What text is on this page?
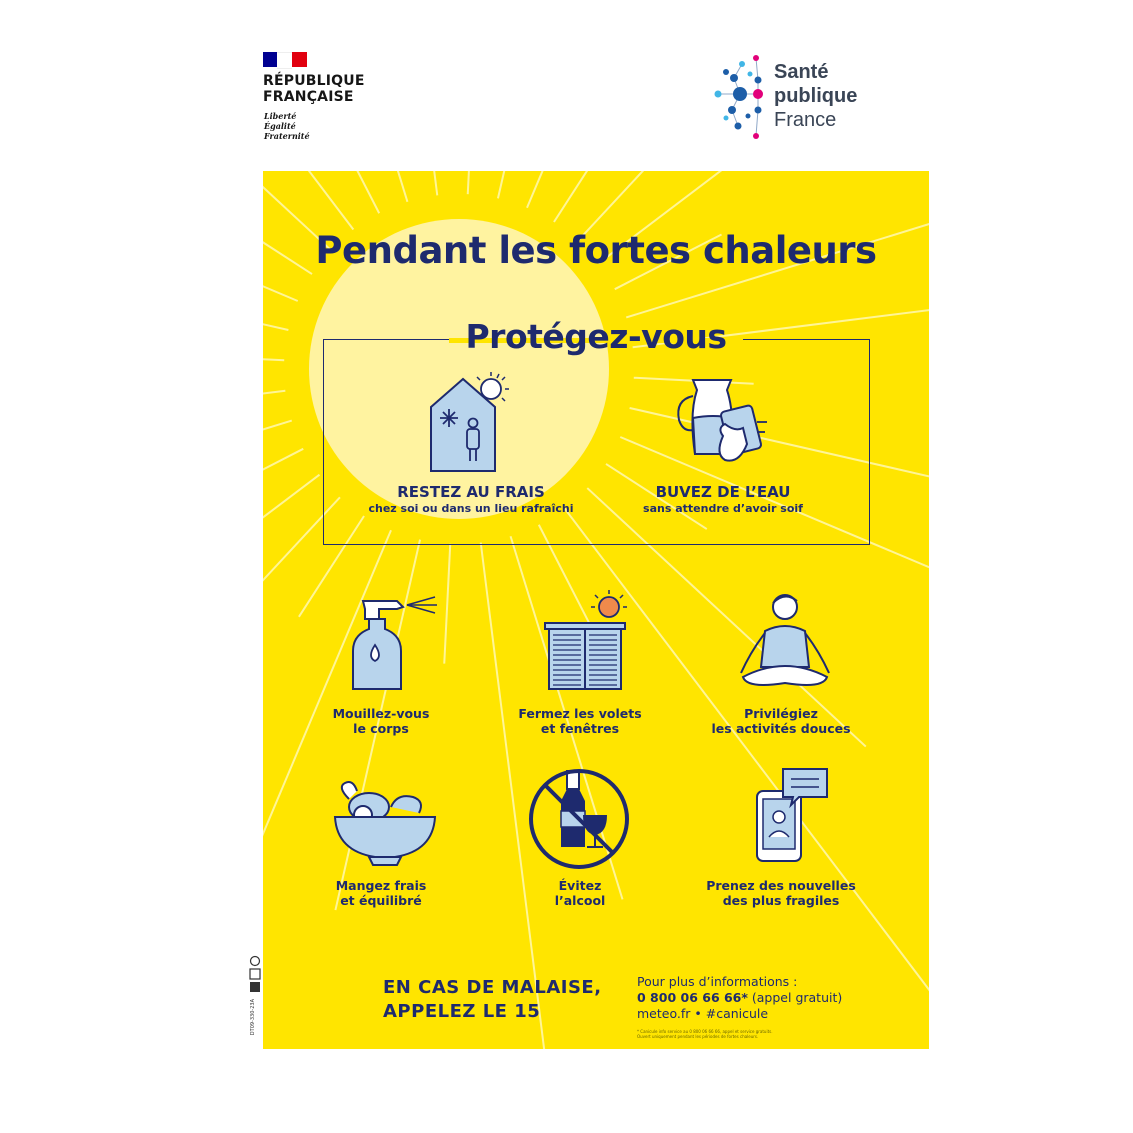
RÉPUBLIQUE
FRANÇAISE
Liberté
Égalité
Fraternité
Santé
publique
France
Pendant les fortes chaleurs
Protégez-vous
RESTEZ AU FRAIS
chez soi ou dans un lieu rafraîchi
BUVEZ DE L’EAU
sans attendre d’avoir soif
Mouillez-vous
le corps
Fermez les volets
et fenêtres
Privilégiez
les activités douces
Mangez frais
et équilibré
Évitez
l’alcool
Prenez des nouvelles
des plus fragiles
EN CAS DE MALAISE,
APPELEZ LE 15
Pour plus d’informations :
0 800 06 66 66* (appel gratuit)
meteo.fr • #canicule
* Canicule info service au 0 800 06 66 66, appel et service gratuits. Ouvert uniquement pendant les périodes de fortes chaleurs.
DT09-330-23A
